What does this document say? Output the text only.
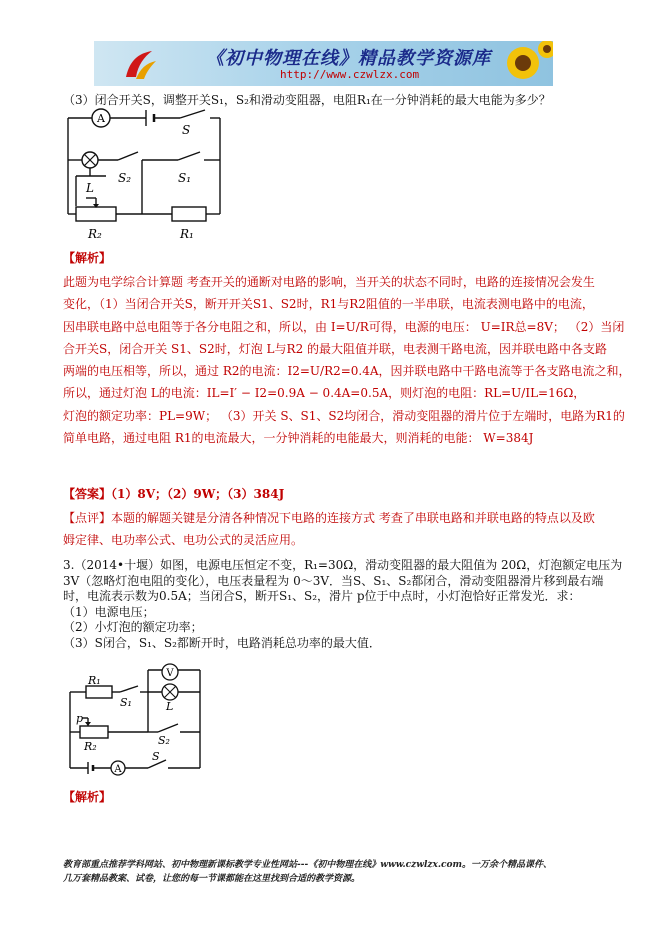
《初中物理在线》精品教学资源库
http://www.czwlzx.com
（3）闭合开关S，调整开关S₁，S₂和滑动变阻器，电阻R₁在一分钟消耗的最大电能为多少？
A
S
S₂	S₁
L
R₂	R₁
【解析】
此题为电学综合计算题 考查开关的通断对电路的影响，当开关的状态不同时，电路的连接情况会发生
变化，（1）当闭合开关S，断开开关S1、S2时，R1与R2阻值的一半串联，电流表测电路中的电流，
因串联电路中总电阻等于各分电阻之和，所以，由 I=U/R可得，电源的电压： U=IR总=8V； （2）当闭
合开关S，闭合开关 S1、S2时，灯泡 L与R2 的最大阻值并联，电表测干路电流，因并联电路中各支路
两端的电压相等，所以，通过 R2的电流：I2=U/R2=0.4A，因并联电路中干路电流等于各支路电流之和，
所以，通过灯泡 L的电流：IL=I′ − I2=0.9A − 0.4A=0.5A，则灯泡的电阻：RL=U/IL=16Ω，
灯泡的额定功率：PL=9W； （3）开关 S、S1、S2均闭合，滑动变阻器的滑片位于左端时，电路为R1的
简单电路，通过电阻 R1的电流最大，一分钟消耗的电能最大，则消耗的电能： W=384J
【答案】（1）8V；（2）9W；（3）384J
【点评】本题的解题关键是分清各种情况下电路的连接方式 考查了串联电路和并联电路的特点以及欧
姆定律、电功率公式、电功公式的灵活应用。
3.（2014•十堰）如图，电源电压恒定不变，R₁=30Ω，滑动变阻器的最大阻值为 20Ω，灯泡额定电压为
3V（忽略灯泡电阻的变化），电压表量程为 0～3V．当S、S₁、S₂都闭合，滑动变阻器滑片移到最右端
时，电流表示数为0.5A；当闭合S，断开S₁、S₂，滑片 p位于中点时，小灯泡恰好正常发光．求：
（1）电源电压；
（2）小灯泡的额定功率；
（3）S闭合，S₁、S₂都断开时，电路消耗总功率的最大值．
V
A
R₁
S₁	L
p
R₂	S₂
S
【解析】
教育部重点推荐学科网站、初中物理新课标教学专业性网站---《初中物理在线》www.czwlzx.com。一万余个精品课件、
几万套精品教案、试卷，让您的每一节课都能在这里找到合适的教学资源。
